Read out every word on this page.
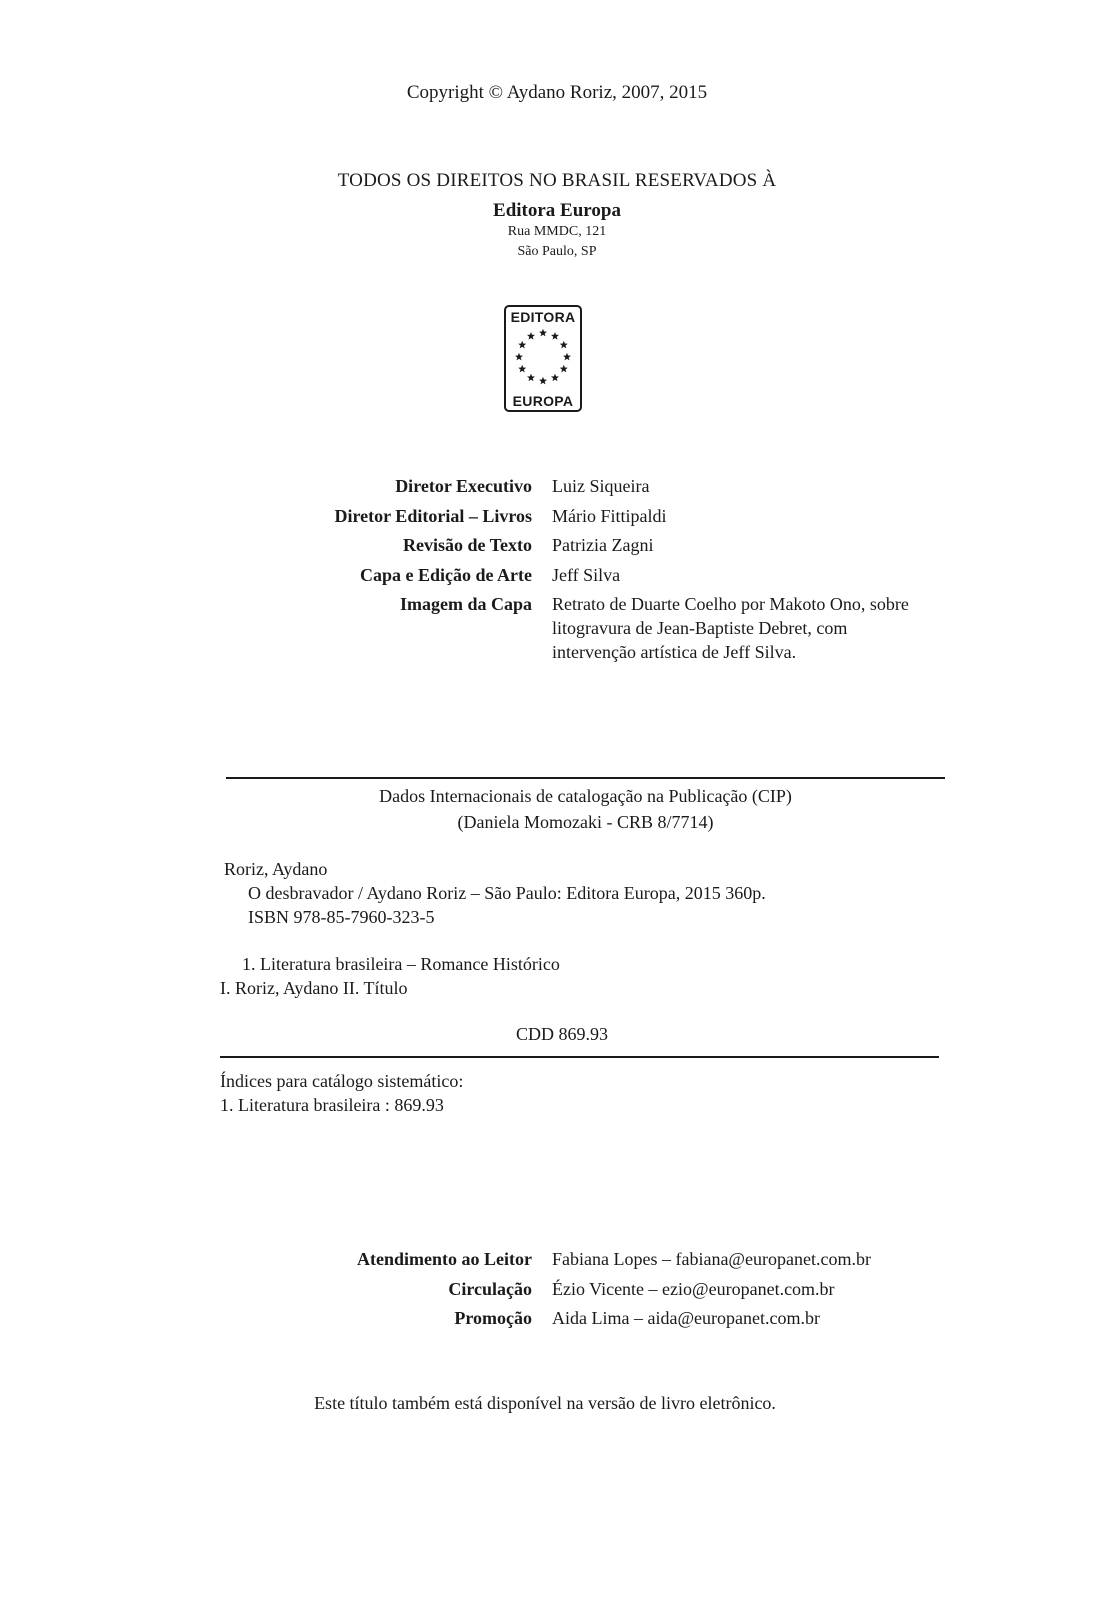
Copyright © Aydano Roriz, 2007, 2015
TODOS OS DIREITOS NO BRASIL RESERVADOS À
Editora Europa
Rua MMDC, 121
São Paulo, SP
EDITORA
EUROPA
Diretor Executivo Luiz Siqueira
Diretor Editorial – Livros Mário Fittipaldi
Revisão de Texto Patrizia Zagni
Capa e Edição de Arte Jeff Silva
Imagem da Capa Retrato de Duarte Coelho por Makoto Ono, sobre litogravura de Jean-Baptiste Debret, com intervenção artística de Jeff Silva.
Dados Internacionais de catalogação na Publicação (CIP)
(Daniela Momozaki - CRB 8/7714)
Roriz, Aydano
O desbravador / Aydano Roriz – São Paulo: Editora Europa, 2015 360p.
ISBN 978-85-7960-323-5
1. Literatura brasileira – Romance Histórico
I. Roriz, Aydano II. Título
CDD 869.93
Índices para catálogo sistemático:
1. Literatura brasileira : 869.93
Atendimento ao Leitor Fabiana Lopes – fabiana@europanet.com.br
Circulação Ézio Vicente – ezio@europanet.com.br
Promoção Aida Lima – aida@europanet.com.br
Este título também está disponível na versão de livro eletrônico.
